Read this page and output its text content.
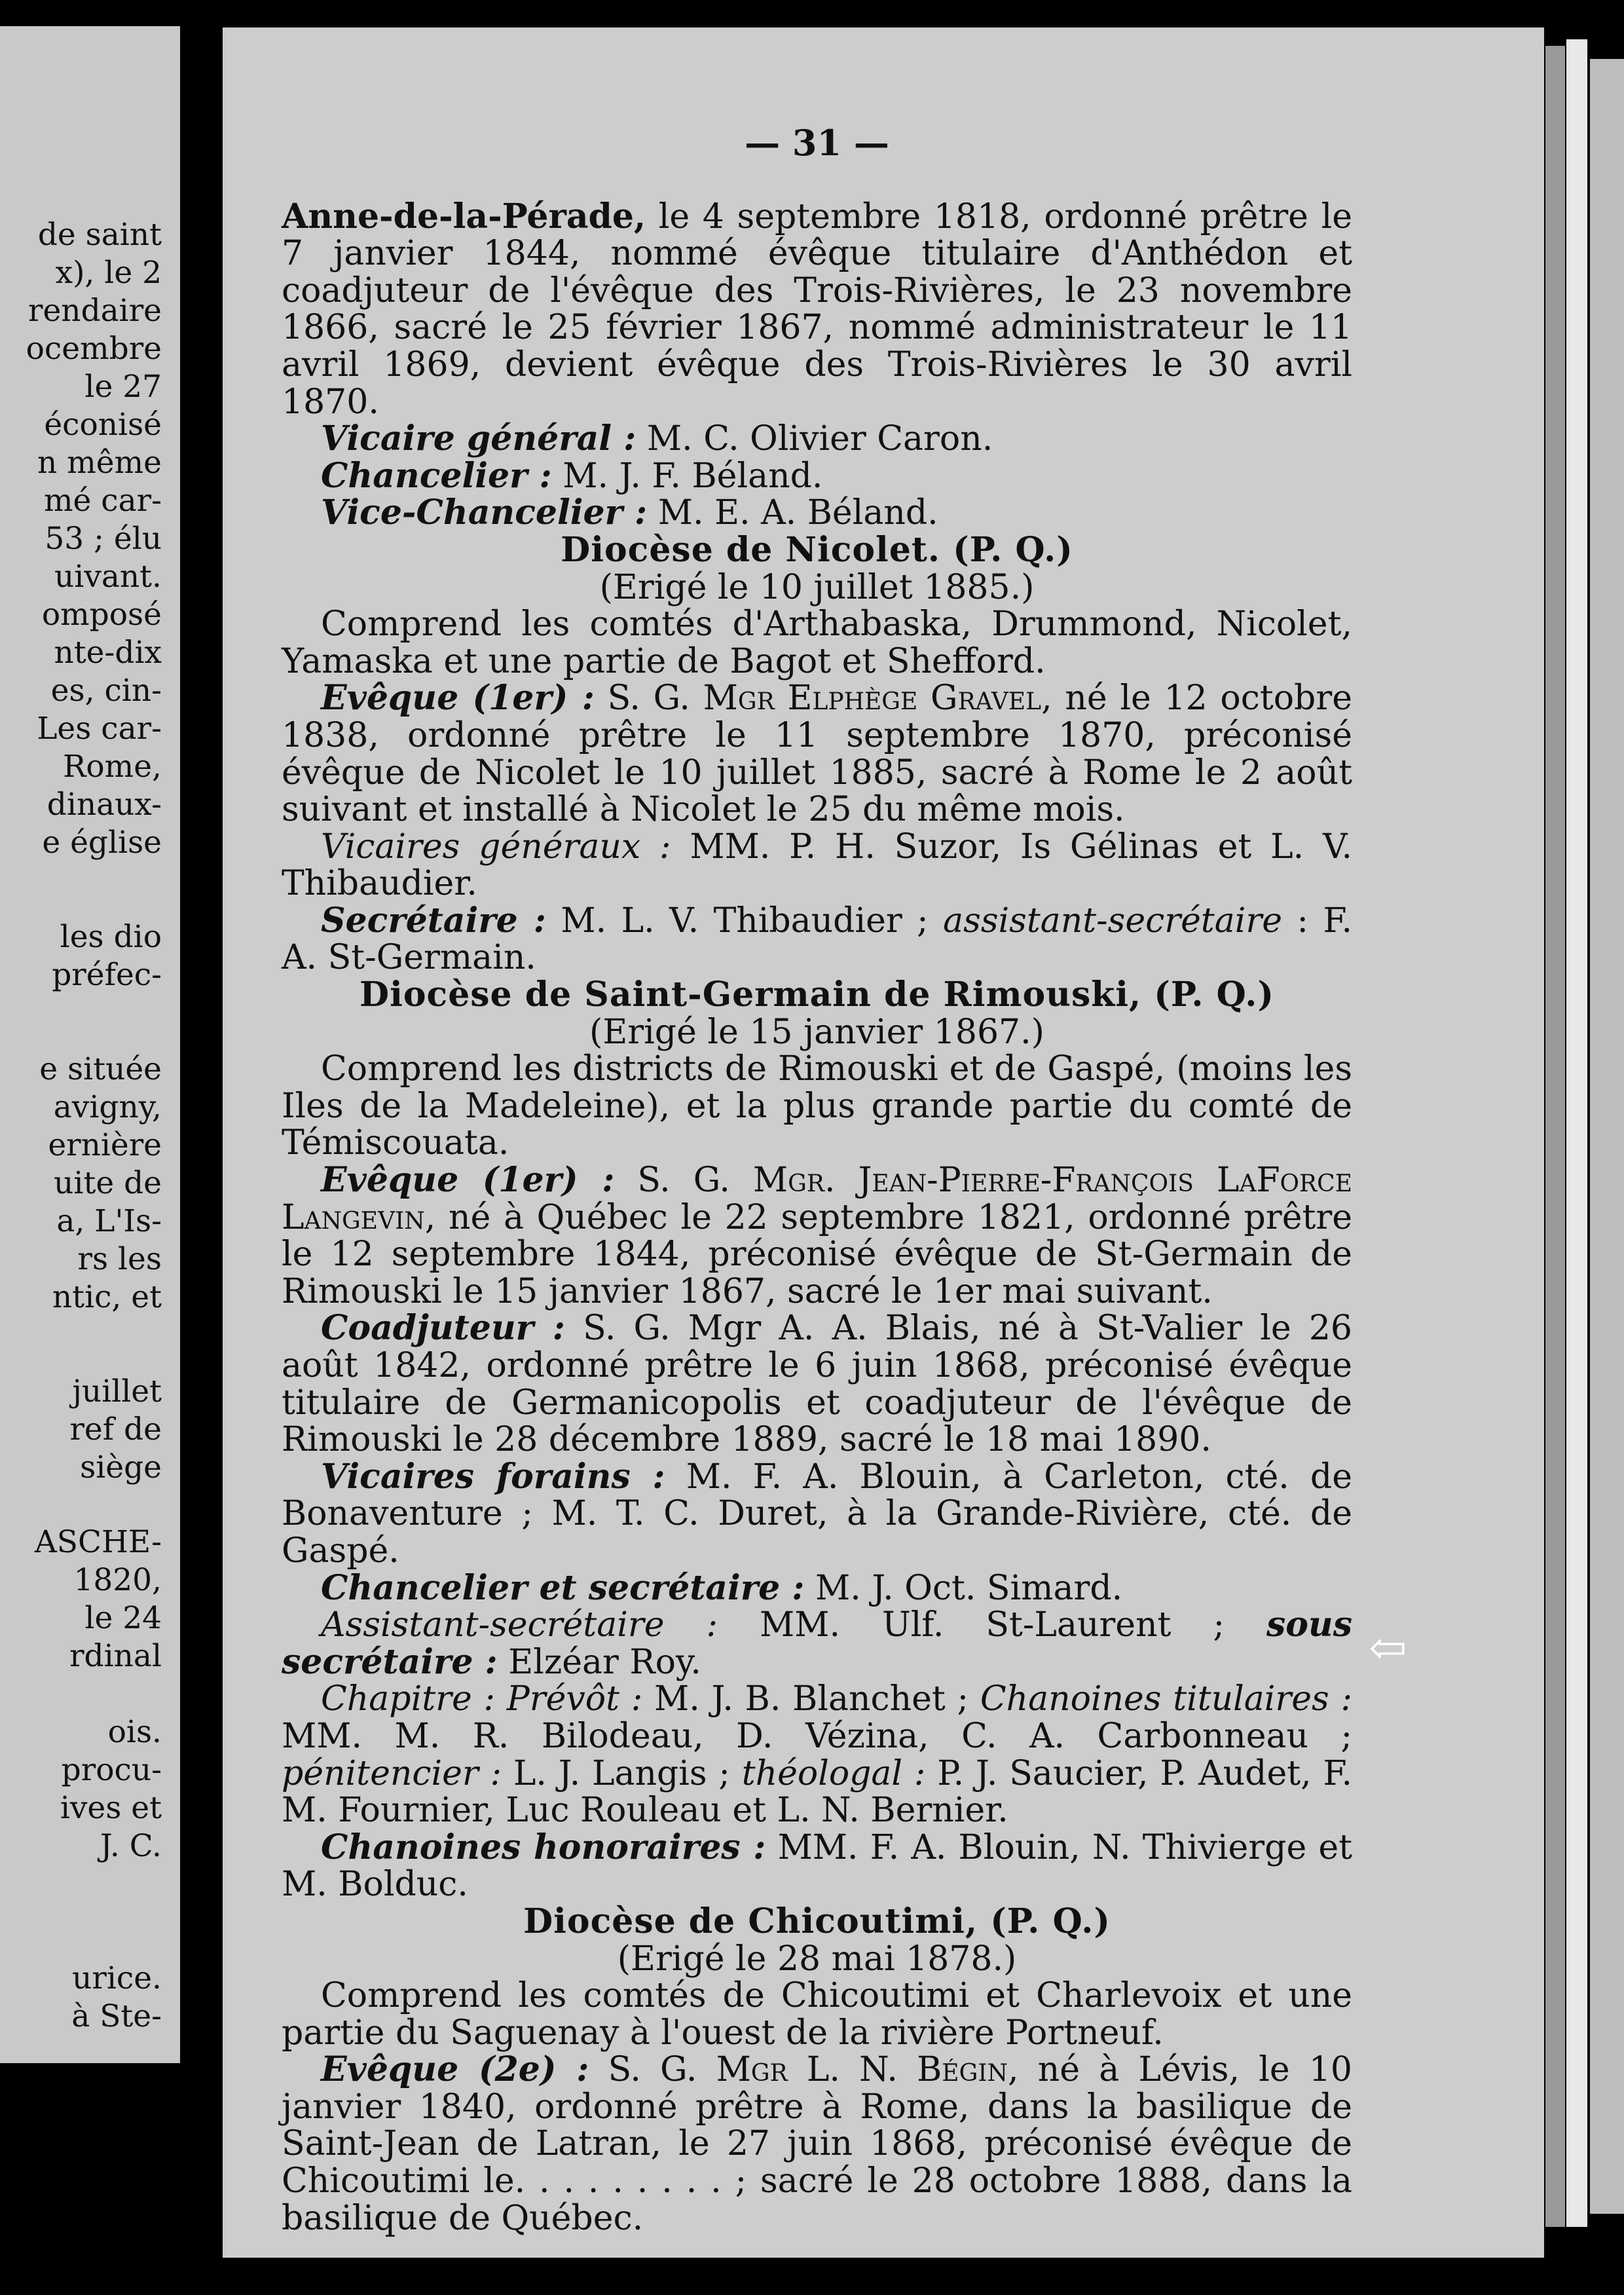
de saint
x), le 2
rendaire
ocembre
le 27
éconisé
n même
mé car-
53 ; élu
uivant.
omposé
nte-dix
es, cin-
Les car-
Rome,
dinaux-
e église
les dio
préfec-
e située
avigny,
ernière
uite de
a, L'Is-
rs les
ntic, et
juillet
ref de
siège
ASCHE-
1820,
le 24
rdinal
ois.
procu-
ives et
J. C.
urice.
à Ste-
— 31 —

Anne-de-la-Pérade, le 4 septembre 1818, ordonné prêtre le 7 janvier 1844, nommé évêque titulaire d'Anthédon et coadjuteur de l'évêque des Trois-Rivières, le 23 novembre 1866, sacré le 25 février 1867, nommé administrateur le 11 avril 1869, devient évêque des Trois-Rivières le 30 avril 1870.

Vicaire général : M. C. Olivier Caron.

Chancelier : M. J. F. Béland.

Vice-Chancelier : M. E. A. Béland.

Diocèse de Nicolet. (P. Q.)

(Erigé le 10 juillet 1885.)

Comprend les comtés d'Arthabaska, Drummond, Nicolet, Yamaska et une partie de Bagot et Shefford.

Evêque (1er) : S. G. Mgr Elphège Gravel, né le 12 octobre 1838, ordonné prêtre le 11 septembre 1870, préconisé évêque de Nicolet le 10 juillet 1885, sacré à Rome le 2 août suivant et installé à Nicolet le 25 du même mois.

Vicaires généraux : MM. P. H. Suzor, Is Gélinas et L. V. Thibaudier.

Secrétaire : M. L. V. Thibaudier ; assistant-secrétaire : F. A. St-Germain.

Diocèse de Saint-Germain de Rimouski, (P. Q.)

(Erigé le 15 janvier 1867.)

Comprend les districts de Rimouski et de Gaspé, (moins les Iles de la Madeleine), et la plus grande partie du comté de Témiscouata.

Evêque (1er) : S. G. Mgr. Jean-Pierre-François LaForce Langevin, né à Québec le 22 septembre 1821, ordonné prêtre le 12 septembre 1844, préconisé évêque de St-Germain de Rimouski le 15 janvier 1867, sacré le 1er mai suivant.

Coadjuteur : S. G. Mgr A. A. Blais, né à St-Valier le 26 août 1842, ordonné prêtre le 6 juin 1868, préconisé évêque titulaire de Germanicopolis et coadjuteur de l'évêque de Rimouski le 28 décembre 1889, sacré le 18 mai 1890.

Vicaires forains : M. F. A. Blouin, à Carleton, cté. de Bonaventure ; M. T. C. Duret, à la Grande-Rivière, cté. de Gaspé.

Chancelier et secrétaire : M. J. Oct. Simard.

Assistant-secrétaire : MM. Ulf. St-Laurent ; sous secrétaire : Elzéar Roy.

Chapitre : Prévôt : M. J. B. Blanchet ; Chanoines titulaires : MM. M. R. Bilodeau, D. Vézina, C. A. Carbonneau ; pénitencier : L. J. Langis ; théologal : P. J. Saucier, P. Audet, F. M. Fournier, Luc Rouleau et L. N. Bernier.

Chanoines honoraires : MM. F. A. Blouin, N. Thivierge et M. Bolduc.

Diocèse de Chicoutimi, (P. Q.)

(Erigé le 28 mai 1878.)

Comprend les comtés de Chicoutimi et Charlevoix et une partie du Saguenay à l'ouest de la rivière Portneuf.

Evêque (2e) : S. G. Mgr L. N. Bégin, né à Lévis, le 10 janvier 1840, ordonné prêtre à Rome, dans la basilique de Saint-Jean de Latran, le 27 juin 1868, préconisé évêque de Chicoutimi le. . . . . . . . . ; sacré le 28 octobre 1888, dans la basilique de Québec.

⇦
